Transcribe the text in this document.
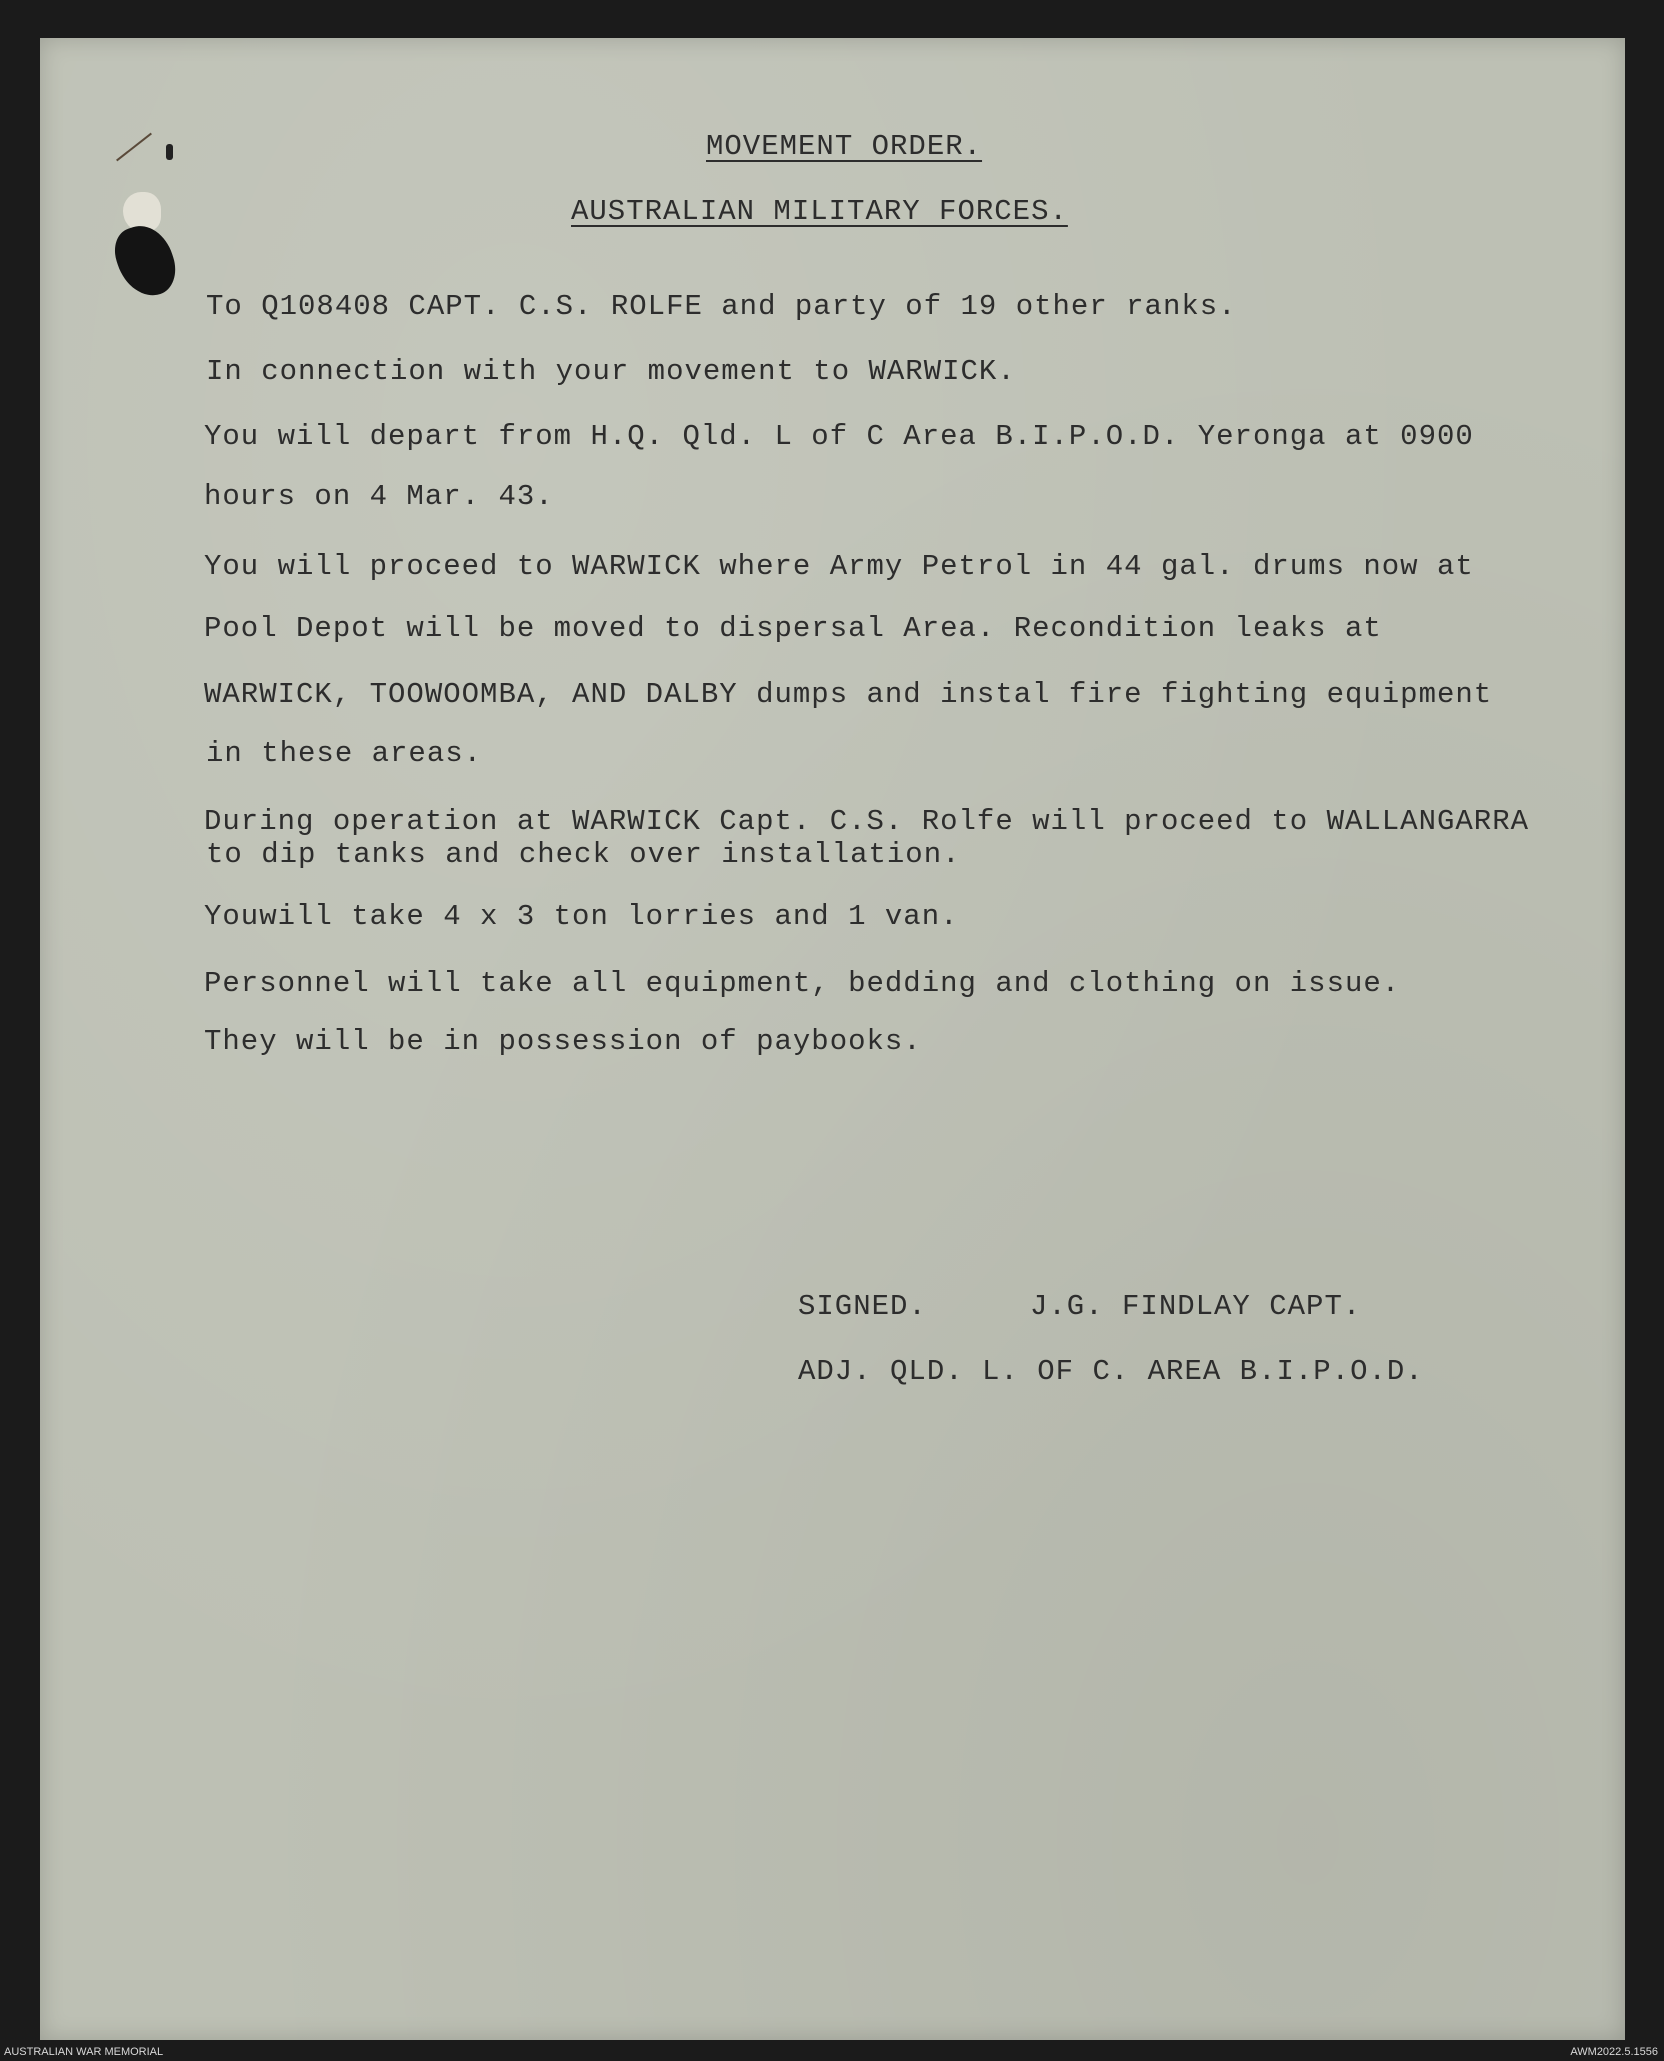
MOVEMENT ORDER.

AUSTRALIAN MILITARY FORCES.

To Q108408 CAPT. C.S. ROLFE and party of 19 other ranks.

In connection with your movement to WARWICK.

You will depart from H.Q. Qld. L of C Area B.I.P.O.D. Yeronga at 0900

hours on 4 Mar. 43.

You will proceed to WARWICK where Army Petrol in 44 gal. drums now at

Pool Depot will be moved to dispersal Area. Recondition leaks at

WARWICK, TOOWOOMBA, AND DALBY dumps and instal fire fighting equipment

in these areas.

During operation at WARWICK Capt. C.S. Rolfe will proceed to WALLANGARRA

to dip tanks and check over installation.

Youwill take 4 x 3 ton lorries and 1 van.

Personnel will take all equipment, bedding and clothing on issue.

They will be in possession of paybooks.

SIGNED.	J.G. FINDLAY CAPT.

ADJ. QLD. L. OF C. AREA B.I.P.O.D.

AUSTRALIAN WAR MEMORIAL	AWM2022.5.1556
